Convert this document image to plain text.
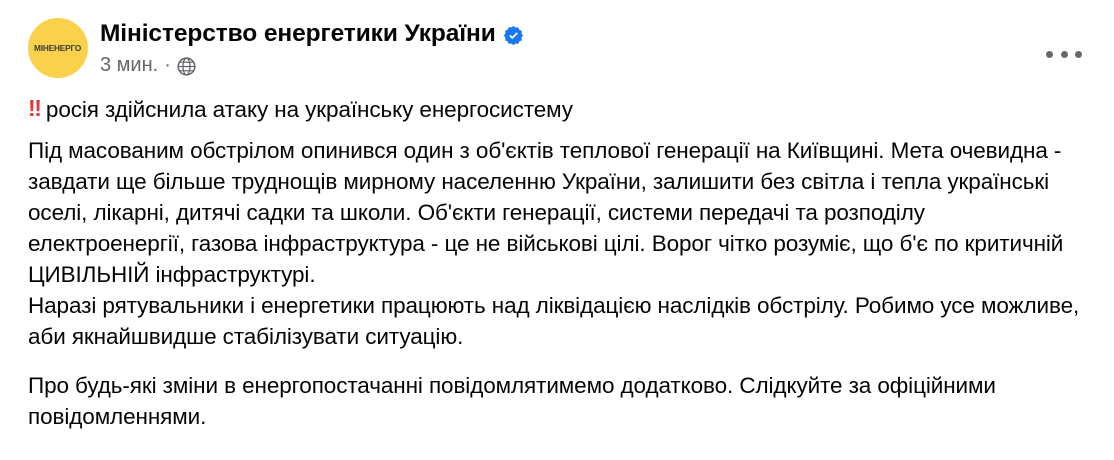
МІНЕНЕРГО
Міністерство енергетики України
3 мин. ·
‼ росія здійснила атаку на українську енергосистему

Під масованим обстрілом опинився один з об'єктів теплової генерації на Київщині. Мета очевидна - завдати ще більше труднощів мирному населенню України, залишити без світла і тепла українські оселі, лікарні, дитячі садки та школи. Об'єкти генерації, системи передачі та розподілу електроенергії, газова інфраструктура - це не військові цілі. Ворог чітко розуміє, що б'є по критичній ЦИВІЛЬНІЙ інфраструктурі.

Наразі рятувальники і енергетики працюють над ліквідацією наслідків обстрілу. Робимо усе можливе, аби якнайшвидше стабілізувати ситуацію.

Про будь-які зміни в енергопостачанні повідомлятимемо додатково. Слідкуйте за офіційними повідомленнями.
